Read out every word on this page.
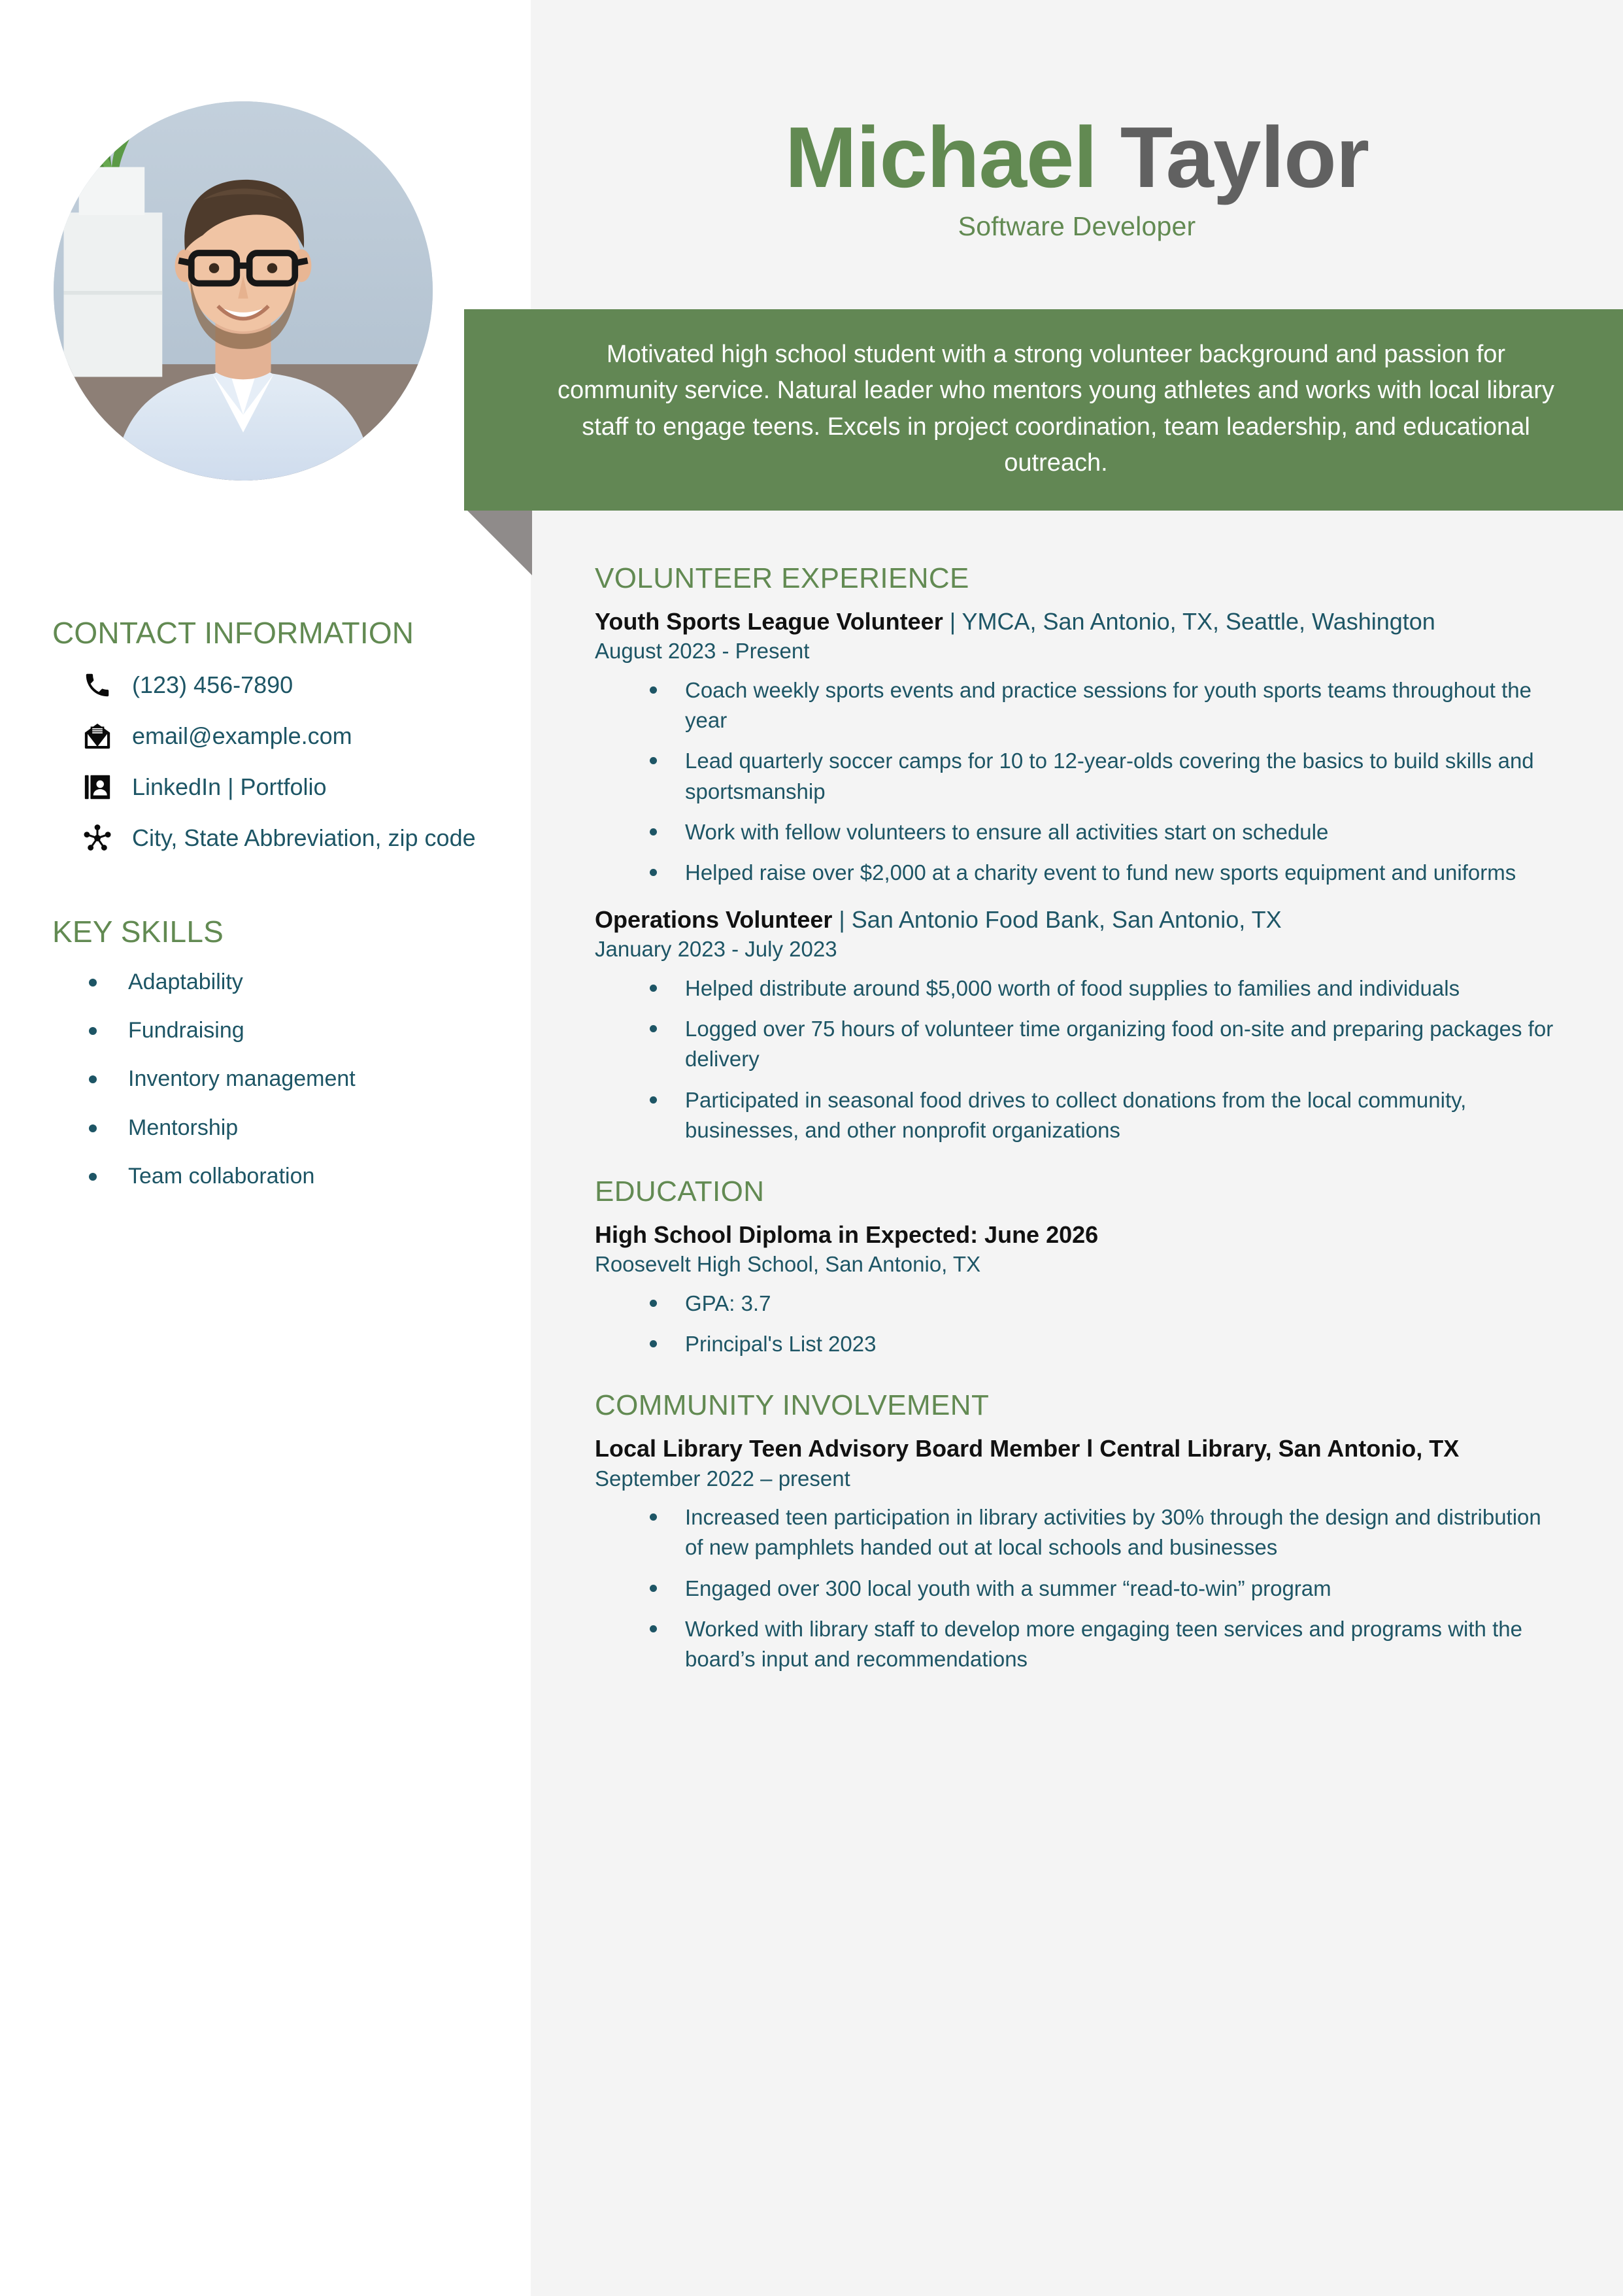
Michael Taylor

Software Developer

Motivated high school student with a strong volunteer background and passion for community service. Natural leader who mentors young athletes and works with local library staff to engage teens. Excels in project coordination, team leadership, and educational outreach.

CONTACT INFORMATION
(123) 456-7890
email@example.com
LinkedIn | Portfolio
City, State Abbreviation, zip code
KEY SKILLS
Adaptability
Fundraising
Inventory management
Mentorship
Team collaboration
VOLUNTEER EXPERIENCE

Youth Sports League Volunteer | YMCA, San Antonio, TX, Seattle, Washington

August 2023 - Present

Coach weekly sports events and practice sessions for youth sports teams throughout the year
Lead quarterly soccer camps for 10 to 12-year-olds covering the basics to build skills and sportsmanship
Work with fellow volunteers to ensure all activities start on schedule
Helped raise over $2,000 at a charity event to fund new sports equipment and uniforms

Operations Volunteer | San Antonio Food Bank, San Antonio, TX

January 2023 - July 2023

Helped distribute around $5,000 worth of food supplies to families and individuals
Logged over 75 hours of volunteer time organizing food on-site and preparing packages for delivery
Participated in seasonal food drives to collect donations from the local community, businesses, and other nonprofit organizations
EDUCATION

High School Diploma in Expected: June 2026

Roosevelt High School, San Antonio, TX

GPA: 3.7
Principal's List 2023
COMMUNITY INVOLVEMENT

Local Library Teen Advisory Board Member l Central Library, San Antonio, TX

September 2022 – present

Increased teen participation in library activities by 30% through the design and distribution of new pamphlets handed out at local schools and businesses
Engaged over 300 local youth with a summer “read-to-win” program
Worked with library staff to develop more engaging teen services and programs with the board’s input and recommendations
